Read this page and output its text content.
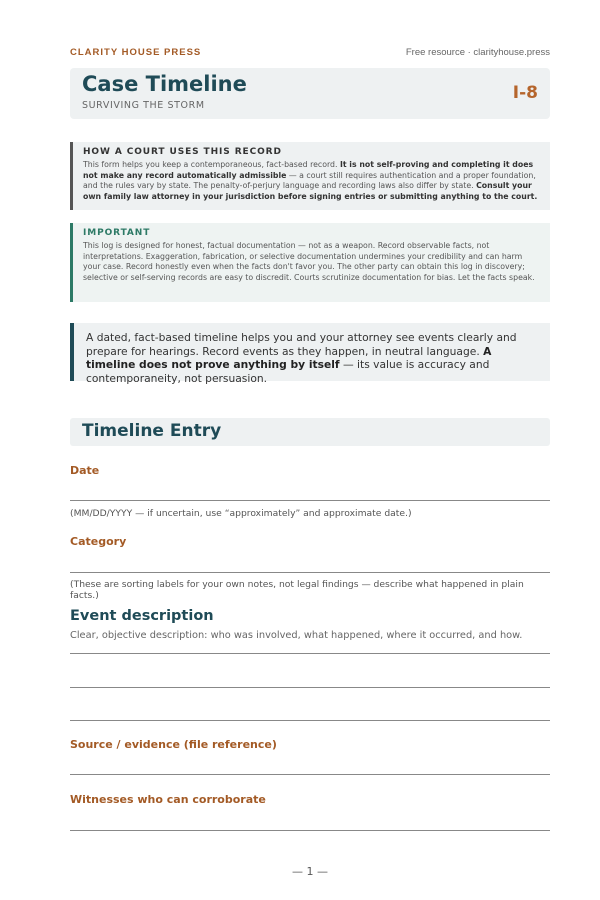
CLARITY HOUSE PRESS	Free resource · clarityhouse.press
Case Timeline
SURVIVING THE STORM
I-8
HOW A COURT USES THIS RECORD
This form helps you keep a contemporaneous, fact-based record. It is not self-proving and completing it does not make any record automatically admissible — a court still requires authentication and a proper foundation, and the rules vary by state. The penalty-of-perjury language and recording laws also differ by state. Consult your own family law attorney in your jurisdiction before signing entries or submitting anything to the court.
IMPORTANT
This log is designed for honest, factual documentation — not as a weapon. Record observable facts, not interpretations. Exaggeration, fabrication, or selective documentation undermines your credibility and can harm your case. Record honestly even when the facts don't favor you. The other party can obtain this log in discovery; selective or self-serving records are easy to discredit. Courts scrutinize documentation for bias. Let the facts speak.
A dated, fact-based timeline helps you and your attorney see events clearly and prepare for hearings. Record events as they happen, in neutral language. A timeline does not prove anything by itself — its value is accuracy and contemporaneity, not persuasion.
Timeline Entry
Date
(MM/DD/YYYY — if uncertain, use “approximately” and approximate date.)
Category
(These are sorting labels for your own notes, not legal findings — describe what happened in plain facts.)
Event description
Clear, objective description: who was involved, what happened, where it occurred, and how.
Source / evidence (file reference)
Witnesses who can corroborate
— 1 —
